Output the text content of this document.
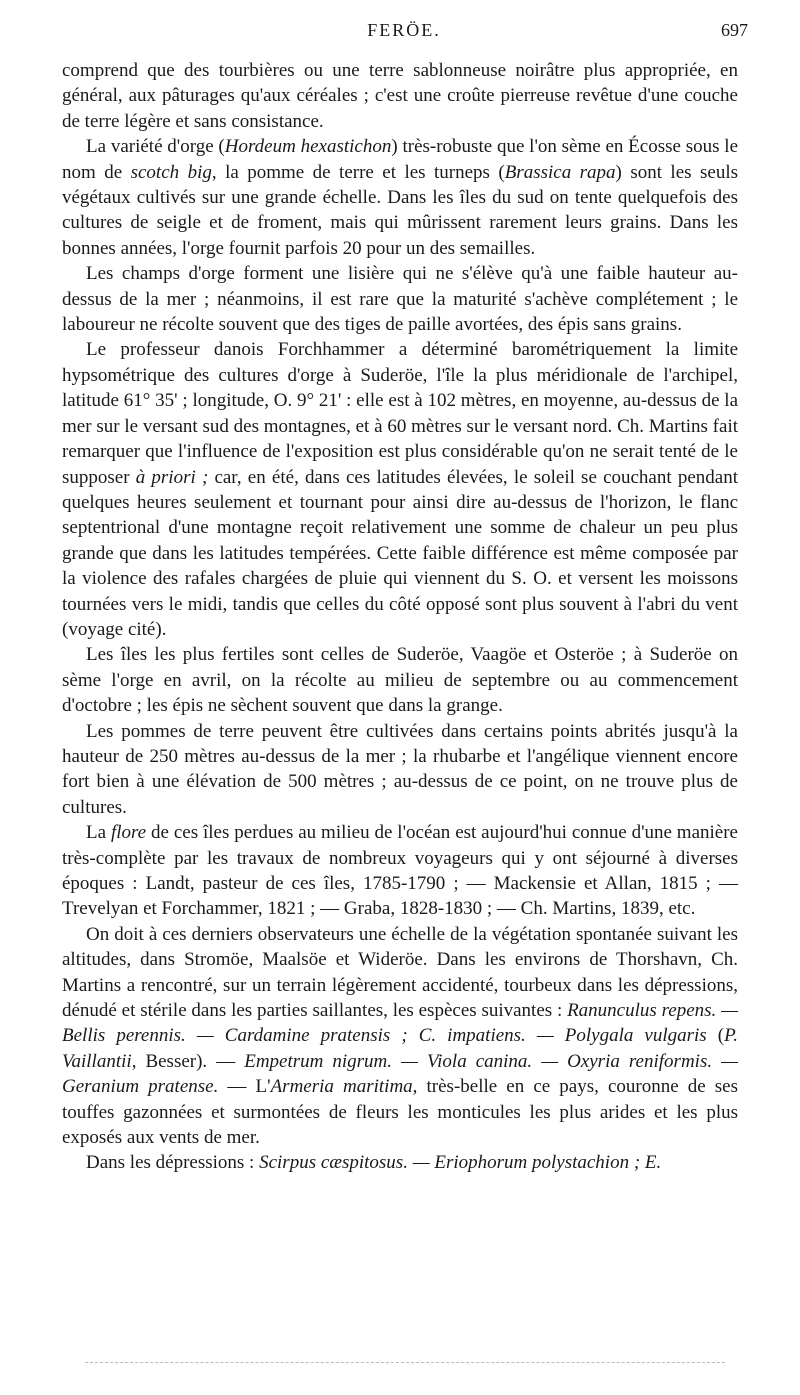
FERÖE.	697

comprend que des tourbières ou une terre sablonneuse noirâtre plus appropriée, en général, aux pâturages qu'aux céréales ; c'est une croûte pierreuse revêtue d'une couche de terre légère et sans consistance.

La variété d'orge (Hordeum hexastichon) très-robuste que l'on sème en Écosse sous le nom de scotch big, la pomme de terre et les turneps (Brassica rapa) sont les seuls végétaux cultivés sur une grande échelle. Dans les îles du sud on tente quelquefois des cultures de seigle et de froment, mais qui mûrissent rarement leurs grains. Dans les bonnes années, l'orge fournit parfois 20 pour un des semailles.

Les champs d'orge forment une lisière qui ne s'élève qu'à une faible hauteur au-dessus de la mer ; néanmoins, il est rare que la maturité s'achève complétement ; le laboureur ne récolte souvent que des tiges de paille avortées, des épis sans grains.

Le professeur danois Forchhammer a déterminé barométriquement la limite hypsométrique des cultures d'orge à Suderöe, l'île la plus méridionale de l'archipel, latitude 61° 35' ; longitude, O. 9° 21' : elle est à 102 mètres, en moyenne, au-dessus de la mer sur le versant sud des montagnes, et à 60 mètres sur le versant nord. Ch. Martins fait remarquer que l'influence de l'exposition est plus considérable qu'on ne serait tenté de le supposer à priori ; car, en été, dans ces latitudes élevées, le soleil se couchant pendant quelques heures seulement et tournant pour ainsi dire au-dessus de l'horizon, le flanc septentrional d'une montagne reçoit relativement une somme de chaleur un peu plus grande que dans les latitudes tempérées. Cette faible différence est même composée par la violence des rafales chargées de pluie qui viennent du S. O. et versent les moissons tournées vers le midi, tandis que celles du côté opposé sont plus souvent à l'abri du vent (voyage cité).

Les îles les plus fertiles sont celles de Suderöe, Vaagöe et Osteröe ; à Suderöe on sème l'orge en avril, on la récolte au milieu de septembre ou au commencement d'octobre ; les épis ne sèchent souvent que dans la grange.

Les pommes de terre peuvent être cultivées dans certains points abrités jusqu'à la hauteur de 250 mètres au-dessus de la mer ; la rhubarbe et l'angélique viennent encore fort bien à une élévation de 500 mètres ; au-dessus de ce point, on ne trouve plus de cultures.

La flore de ces îles perdues au milieu de l'océan est aujourd'hui connue d'une manière très-complète par les travaux de nombreux voyageurs qui y ont séjourné à diverses époques : Landt, pasteur de ces îles, 1785-1790 ; — Mackensie et Allan, 1815 ; — Trevelyan et Forchammer, 1821 ; — Graba, 1828-1830 ; — Ch. Martins, 1839, etc.

On doit à ces derniers observateurs une échelle de la végétation spontanée suivant les altitudes, dans Stromöe, Maalsöe et Wideröe. Dans les environs de Thorshavn, Ch. Martins a rencontré, sur un terrain légèrement accidenté, tourbeux dans les dépressions, dénudé et stérile dans les parties saillantes, les espèces suivantes : Ranunculus repens. — Bellis perennis. — Cardamine pratensis ; C. impatiens. — Polygala vulgaris (P. Vaillantii, Besser). — Empetrum nigrum. — Viola canina. — Oxyria reniformis. — Geranium pratense. — L'Armeria maritima, très-belle en ce pays, couronne de ses touffes gazonnées et surmontées de fleurs les monticules les plus arides et les plus exposés aux vents de mer.

Dans les dépressions : Scirpus cæspitosus. — Eriophorum polystachion ; E.
